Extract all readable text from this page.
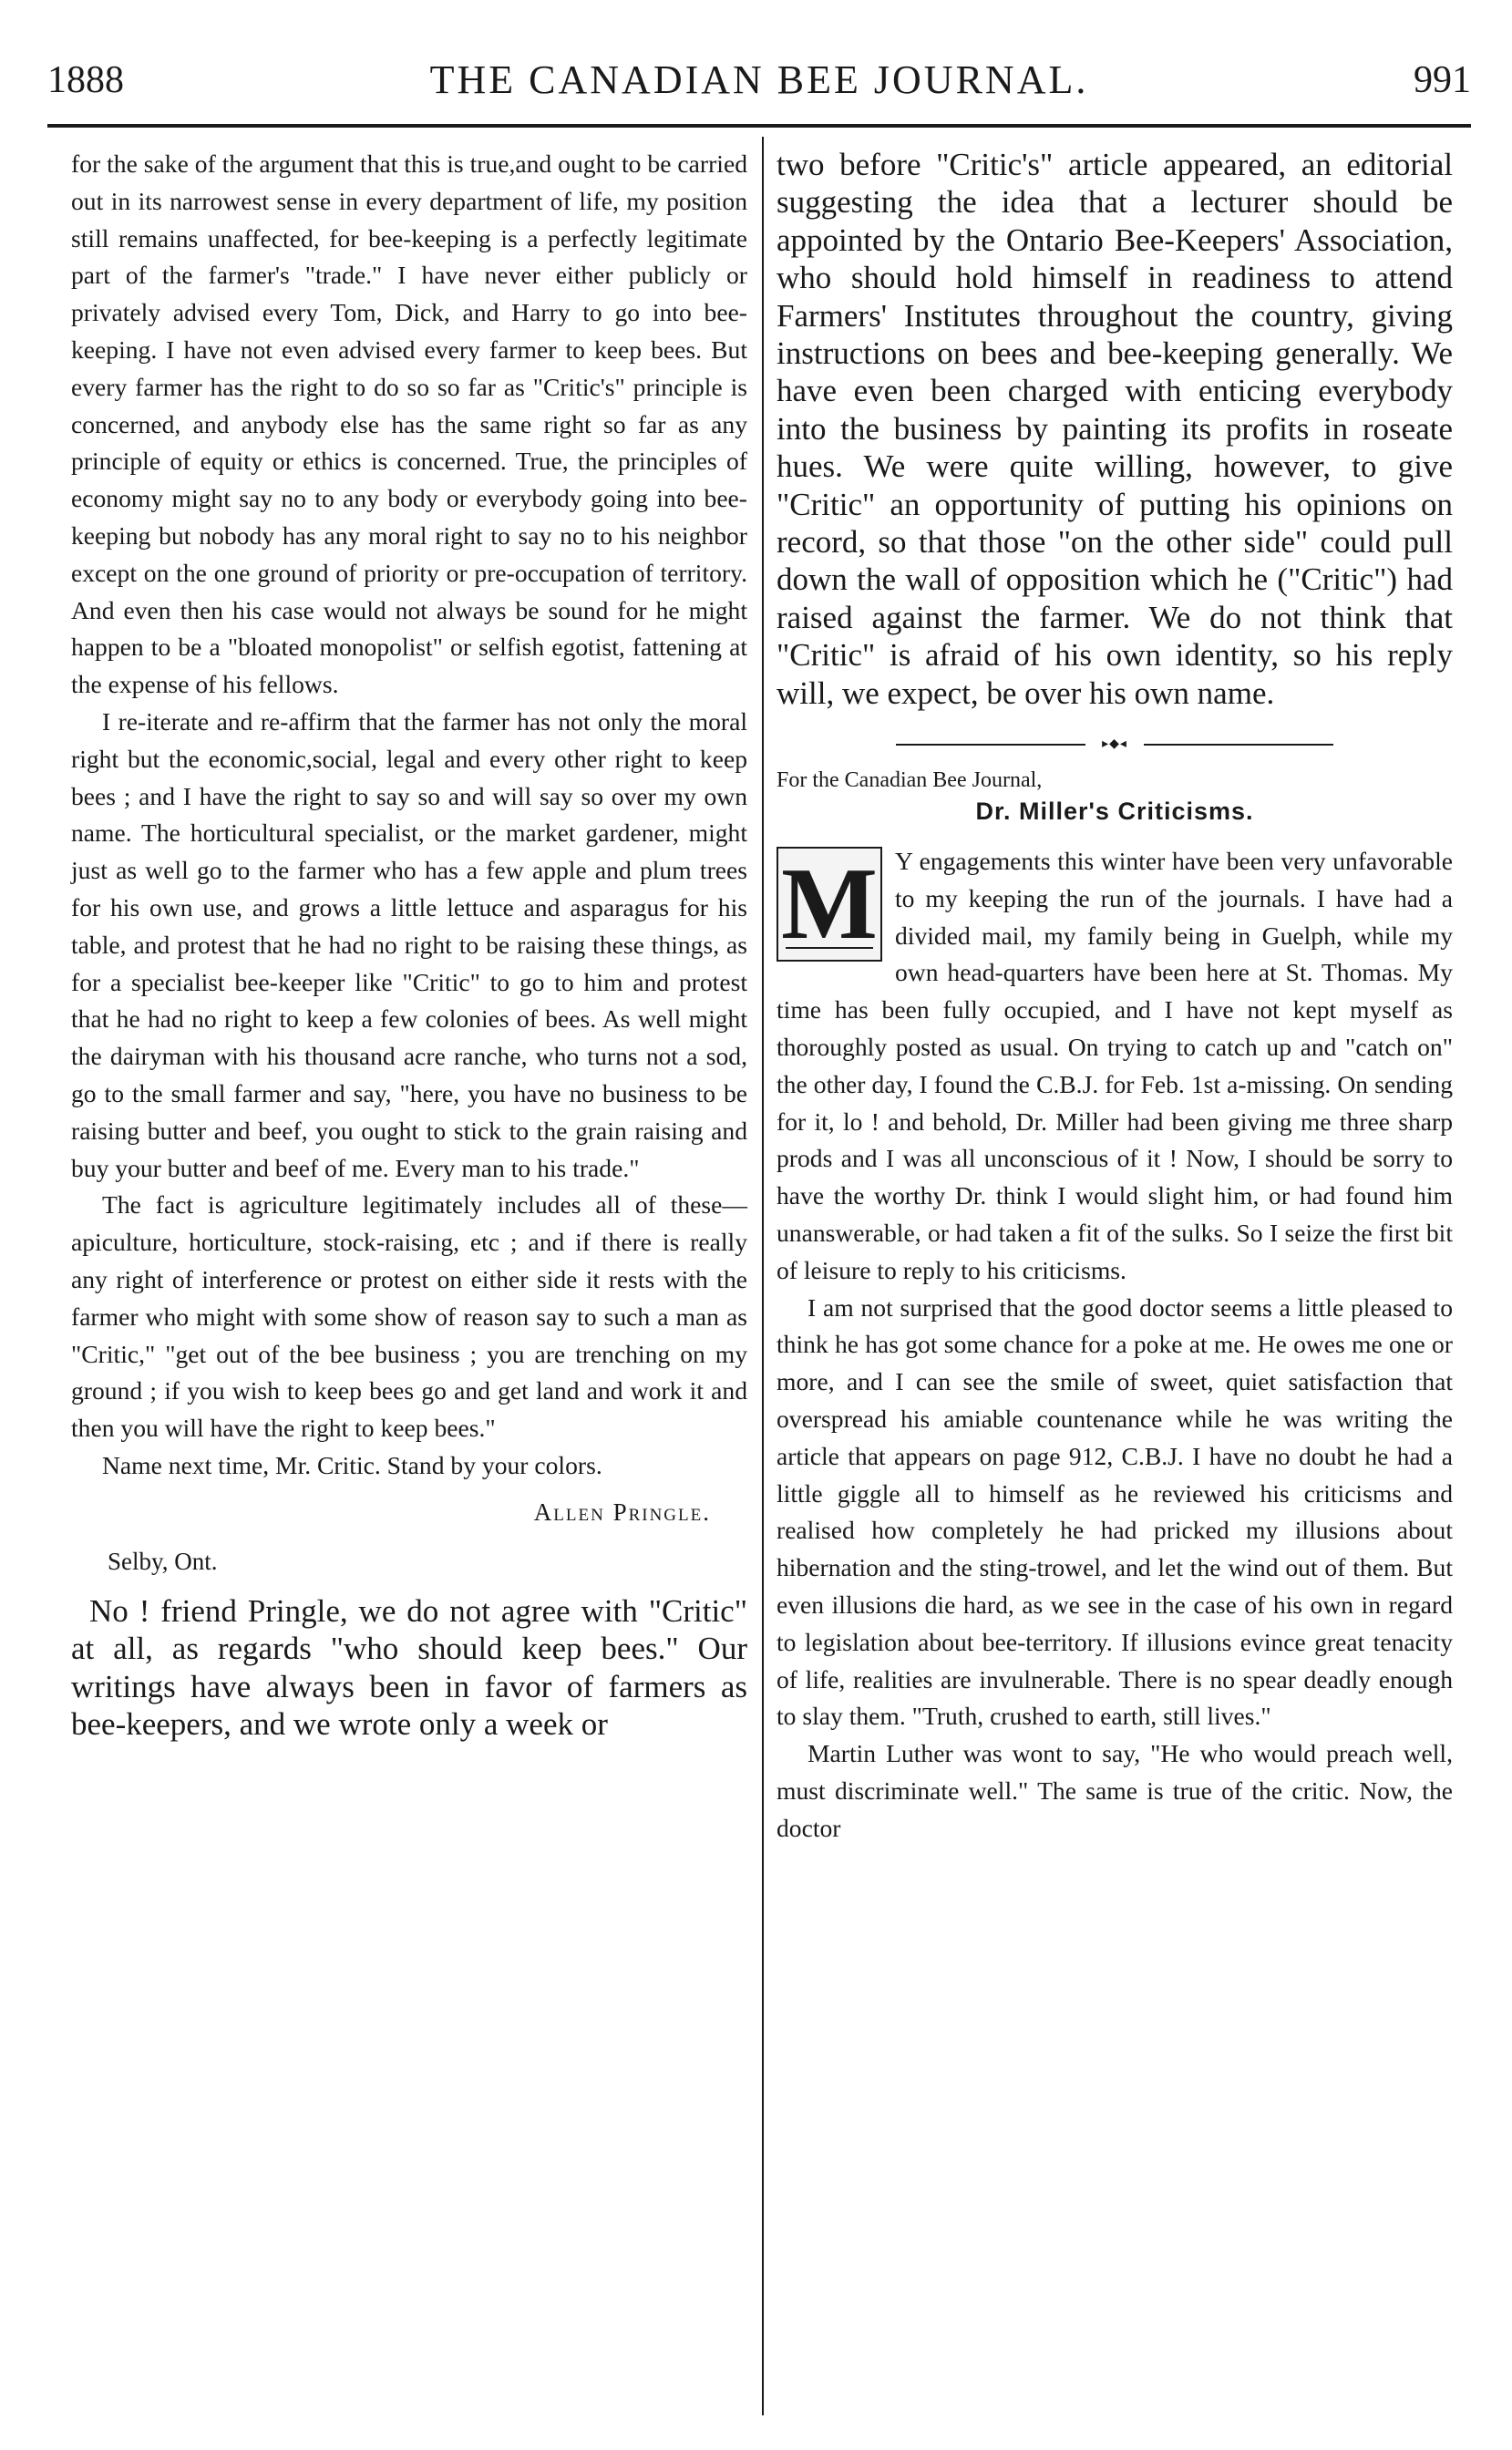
1888	THE CANADIAN BEE JOURNAL.	991

for the sake of the argument that this is true,and ought to be carried out in its narrowest sense in every department of life, my position still remains unaffected, for bee-keeping is a perfectly legitimate part of the farmer's "trade." I have never either publicly or privately advised every Tom, Dick, and Harry to go into bee-keeping. I have not even advised every farmer to keep bees. But every farmer has the right to do so so far as "Critic's" principle is concerned, and anybody else has the same right so far as any principle of equity or ethics is concerned. True, the principles of economy might say no to any body or everybody going into bee-keeping but nobody has any moral right to say no to his neighbor except on the one ground of priority or pre-occupation of territory. And even then his case would not always be sound for he might happen to be a "bloated monopolist" or selfish egotist, fattening at the expense of his fellows.

I re-iterate and re-affirm that the farmer has not only the moral right but the economic,social, legal and every other right to keep bees ; and I have the right to say so and will say so over my own name. The horticultural specialist, or the market gardener, might just as well go to the farmer who has a few apple and plum trees for his own use, and grows a little lettuce and asparagus for his table, and protest that he had no right to be raising these things, as for a specialist bee-keeper like "Critic" to go to him and protest that he had no right to keep a few colonies of bees. As well might the dairyman with his thousand acre ranche, who turns not a sod, go to the small farmer and say, "here, you have no business to be raising butter and beef, you ought to stick to the grain raising and buy your butter and beef of me. Every man to his trade."

The fact is agriculture legitimately includes all of these—apiculture, horticulture, stock-raising, etc ; and if there is really any right of interference or protest on either side it rests with the farmer who might with some show of reason say to such a man as "Critic," "get out of the bee business ; you are trenching on my ground ; if you wish to keep bees go and get land and work it and then you will have the right to keep bees."

Name next time, Mr. Critic. Stand by your colors.

Allen Pringle.

Selby, Ont.

No ! friend Pringle, we do not agree with "Critic" at all, as regards "who should keep bees." Our writings have always been in favor of farmers as bee-keepers, and we wrote only a week or

two before "Critic's" article appeared, an editorial suggesting the idea that a lecturer should be appointed by the Ontario Bee-Keepers' Association, who should hold himself in readiness to attend Farmers' Institutes throughout the country, giving instructions on bees and bee-keeping generally. We have even been charged with enticing everybody into the business by painting its profits in roseate hues. We were quite willing, however, to give "Critic" an opportunity of putting his opinions on record, so that those "on the other side" could pull down the wall of opposition which he ("Critic") had raised against the farmer. We do not think that "Critic" is afraid of his own identity, so his reply will, we expect, be over his own name.

▸◆◂

For the Canadian Bee Journal,

Dr. Miller's Criticisms.

M Y engagements this winter have been very unfavorable to my keeping the run of the journals. I have had a divided mail, my family being in Guelph, while my own head-quarters have been here at St. Thomas. My time has been fully occupied, and I have not kept myself as thoroughly posted as usual. On trying to catch up and "catch on" the other day, I found the C.B.J. for Feb. 1st a-missing. On sending for it, lo ! and behold, Dr. Miller had been giving me three sharp prods and I was all unconscious of it ! Now, I should be sorry to have the worthy Dr. think I would slight him, or had found him unanswerable, or had taken a fit of the sulks. So I seize the first bit of leisure to reply to his criticisms.

I am not surprised that the good doctor seems a little pleased to think he has got some chance for a poke at me. He owes me one or more, and I can see the smile of sweet, quiet satisfaction that overspread his amiable countenance while he was writing the article that appears on page 912, C.B.J. I have no doubt he had a little giggle all to himself as he reviewed his criticisms and realised how completely he had pricked my illusions about hibernation and the sting-trowel, and let the wind out of them. But even illusions die hard, as we see in the case of his own in regard to legislation about bee-territory. If illusions evince great tenacity of life, realities are invulnerable. There is no spear deadly enough to slay them. "Truth, crushed to earth, still lives."

Martin Luther was wont to say, "He who would preach well, must discriminate well." The same is true of the critic. Now, the doctor
